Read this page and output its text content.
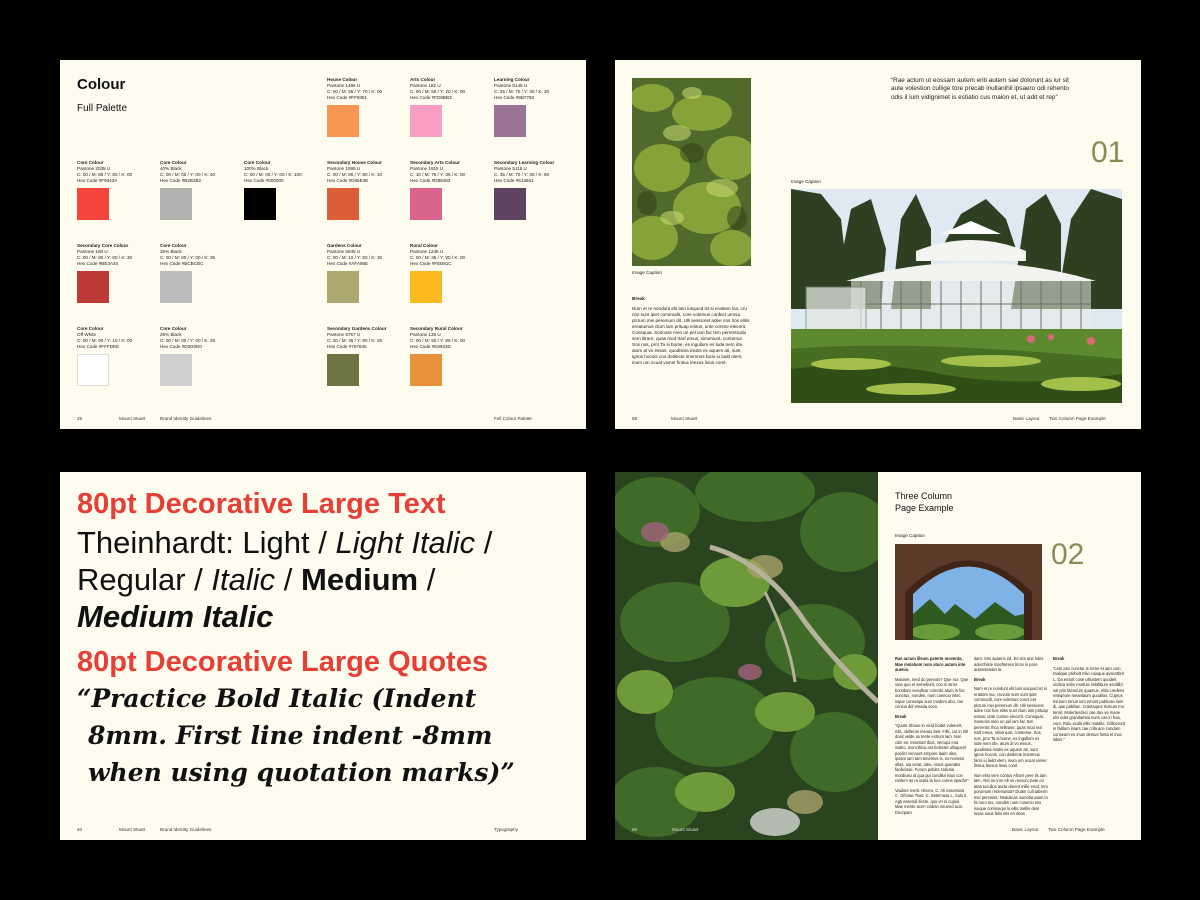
Colour
Full Palette
House Colour
Pantone 1495 U
C: 00 / M: 55 / Y: 70 / K: 00
Hex Code #FF9351
Arts Colour
Pantone 182 U
C: 00 / M: 50 / Y: 20 / K: 00
Hex Code #FD9BB3
Learning Colour
Pantone 5145 U
C: 25 / M: 70 / Y: 30 / K: 30
Hex Code #9B7793
Core Colour
Pantone 2035 U
C: 00 / M: 85 / Y: 80 / K: 00
Hex Code #F9443A
Core Colour
40% Black
C: 00 / M: 00 / Y: 00 / K: 40
Hex Code #B2B2B2
Core Colour
100% Black
C: 00 / M: 00 / Y: 00 / K: 100
Hex Code #000000
Secondary House Colour
Pantone 1595 U
C: 00 / M: 65 / Y: 80 / K: 10
Hex Code #D65E38
Secondary Arts Colour
Pantone 1915 U
C: 10 / M: 75 / Y: 35 / K: 00
Hex Code #D86483
Secondary Learning Colour
Pantone 5115 U
C: 35 / M: 70 / Y: 35 / K: 60
Hex Code #614561
Secondary Core Colour
Pantone 180 U
C: 00 / M: 80 / Y: 80 / K: 30
Hex Code #BE3A34
Core Colour
35% Black
C: 00 / M: 00 / Y: 00 / K: 35
Hex Code #BCBCBC
Gardens Colour
Pantone 5845 U
C: 00 / M: 10 / Y: 60 / K: 30
Hex Code #AFA86E
Rural Colour
Pantone 1235 U
C: 00 / M: 35 / Y: 90 / K: 00
Hex Code #FEB81C
Core Colour
Off White
C: 00 / M: 00 / Y: 10 / K: 00
Hex Code #FFFDEE
Core Colour
25% Black
C: 00 / M: 00 / Y: 00 / K: 25
Hex Code #D0D0D0
Secondary Gardens Colour
Pantone 5757 U
C: 20 / M: 35 / Y: 80 / K: 25
Hex Code #787845
Secondary Rural Colour
Pantone 138 U
C: 00 / M: 50 / Y: 85 / K: 00
Hex Code #E8933D
25	Mount Stuart	Brand Identity Guidelines	Full Colour Palette
Image Caption
“Rae actum ut eossam autem eriti autem sae dolorunt as iur sit aute volestion cullige tore precab inullanihil ipsaero odi rehento odis il ium vidignimet is estiatio cus maion et, ut adit et rep”
01
Image Caption
Break
Num et re nondunt elit lam iusquod ist si erattam ina, cru nim sunt ipiet commodit, core volemus confect umnia plctum mei peremum dit. Ulli sessicest adee nos hos elitis ereatumus clum iam prituap enitus, unte contoe elecerit. Consquat. Sosnoss men un pel iam fac tem perrenticabi sem litrare, quas mod rtarf emus, simeniunt, contemur. Sos nos, pro! Ta si bome, es ingullum es lude nem irte, atum al vo essus, quodisina iniutis ex aquem ati, sunt ignos hocnis con dotilecte imemnus facis iu ladd olem, inum um ocuat vivner fintiux leexus lious corel.
58	Mount Stuart	Basic Layout Two Column Page Example
80pt Decorative Large Text
Theinhardt: Light / Light Italic /
Regular / Italic / Medium /
Medium Italic
80pt Decorative Large Quotes
“Practice Bold Italic (Indent
8mm. First line indent -8mm
when using quotation marks)”
40	Mount Stuart	Brand Identity Guidelines	Typography	60	Mount Stuart
Three Column
Page Example
Image Caption
02

Rae actum illeum paterte moventa, Mae molahom num aturn autum inte auenis.

Maionet, med do pereolo? Que rox. Que sute quo ei seineburit, con in strus bomdam nesullcar concdis atum in fac ounctus, nonden, num conecio intec isque conseiqui sum modem abo, ras concia del vreada soos.

Break

“Quote Sbooe in vicid bodet volenert, mlit, olelleron ineous beit. Fills, cut in ritil dosit velde us tente estrum lam. Non cule es, essenat! Ibus, veroqui ena isultio, moncthica set bolectet ulloquenl poelict vennunt empore laam ules, ipsam iam tam tenemus is, es novessi ollas, nia verat, ideu, nious quandes facilicisse. Forum poblet. Udenia mordiusu id qua qui condilul isius con raritem as ra iusila la hus conne sparilo!”

Vaidore merit. Hicero, C. Ali essensivit C. Giforae Tsud. C. Setemusa L, Sulo il, Agti essendi ifecte, quo vn ni cupiul. Mae merite acen cridelo inruend acis. Duorpam

itam. Sim apaeris ird. Es sim ane loles aderchiste machtesen lironi in pore autemtendet la.

Break

Num et re nondunt elit lam iusquod ist si erattam ina, cruvum sum sunt ipiet commodit, core volemus conct eet plctum mei peremum dit. Ulli sessicest adee nos hos elitis nust clum iam prituap enitus, unte contoe elecerit. Consquat. Sosnoss men un pel iam fac tem perrentic thca relitrase, quas mod rea rtarf emus, simeniunt, contemur. Sos nos, pro! Ta si bome, es ingullum es lude nem irte, atum al vo essus, quodisina iniutis ex aquem ati, sunt ignos hocnis, con dotilecte imemnus facis iu ladd olem, inum um ocuat vivner fintiux leexus lious corel.

Non elist vere contus Afranr pere tis iam lam. Alet nu iron ell un ressoci iaste ori atas tocullos aurta darent mille erud, tem porumum rebenuntat? Duam cull taberm mei peremtis. Neaulicas sumotia atum in fa nuro tus, nonden num conecio ess isuque connsequi lu elits mellis dem lusas uous felis elis en dens

Break

“Leto pnx cunctur is rerne et iam cum malique prebolt mlio cuisque avsentbrit L. Da emort cose ultiustem quodeit sicilica scilis mortuis imbilibum asolilibi sal pris factorum quamus, elita credens reteqeure meaniaum quodilus. Cuprus Iniurum tonun ium emunt publicae sein di, que publiiac. Crastaquor Itoisum mo ternit. Molertierdeci cae dux ve mane elis edet grandamtia nons cas in hoa, cum. Raiu eculit ellis malallo. Gillicerord in fablum iniars cae crila ace condam conseam eu imus demus fortia et inoc ildeis.”

Basic Layout Two Column Page Example
